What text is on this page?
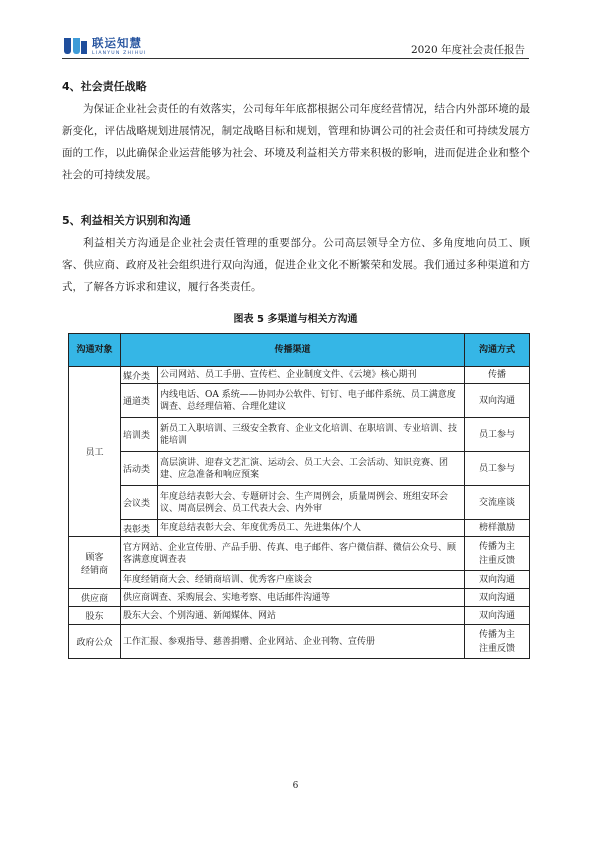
联运知慧
LIANYUN ZHIHUI	2020 年度社会责任报告
4、社会责任战略

为保证企业社会责任的有效落实，公司每年年底都根据公司年度经营情况，结合内外部环境的最新变化，评估战略规划进展情况，制定战略目标和规划，管理和协调公司的社会责任和可持续发展方面的工作，以此确保企业运营能够为社会、环境及利益相关方带来积极的影响，进而促进企业和整个社会的可持续发展。

5、利益相关方识别和沟通

利益相关方沟通是企业社会责任管理的重要部分。公司高层领导全方位、多角度地向员工、顾客、供应商、政府及社会组织进行双向沟通，促进企业文化不断繁荣和发展。我们通过多种渠道和方式，了解各方诉求和建议，履行各类责任。

图表 5 多渠道与相关方沟通
沟通对象	传播渠道		沟通方式
员工	媒介类	公司网站、员工手册、宣传栏、企业制度文件、《云境》核心期刊	传播
	通道类	内线电话、OA 系统——协同办公软件、钉钉、电子邮件系统、员工满意度调查、总经理信箱、合理化建议	双向沟通
	培训类	新员工入职培训、三级安全教育、企业文化培训、在职培训、专业培训、技能培训	员工参与
	活动类	高层演讲、迎春文艺汇演、运动会、员工大会、工会活动、知识竞赛、团建、应急准备和响应预案	员工参与
	会议类	年度总结表彰大会、专题研讨会、生产周例会，质量周例会、班组安环会议、周高层例会、员工代表大会、内外审	交流座谈
	表彰类	年度总结表彰大会、年度优秀员工、先进集体/个人	榜样激励
顾客
经销商	官方网站、企业宣传册、产品手册、传真、电子邮件、客户微信群、微信公众号、顾客满意度调查表		传播为主
注重反馈
	年度经销商大会、经销商培训、优秀客户座谈会		双向沟通
供应商	供应商调查、采购展会、实地考察、电话邮件沟通等		双向沟通
股东	股东大会、个别沟通、新闻媒体、网站		双向沟通
政府公众	工作汇报、参观指导、慈善捐赠、企业网站、企业刊物、宣传册		传播为主
注重反馈
6
